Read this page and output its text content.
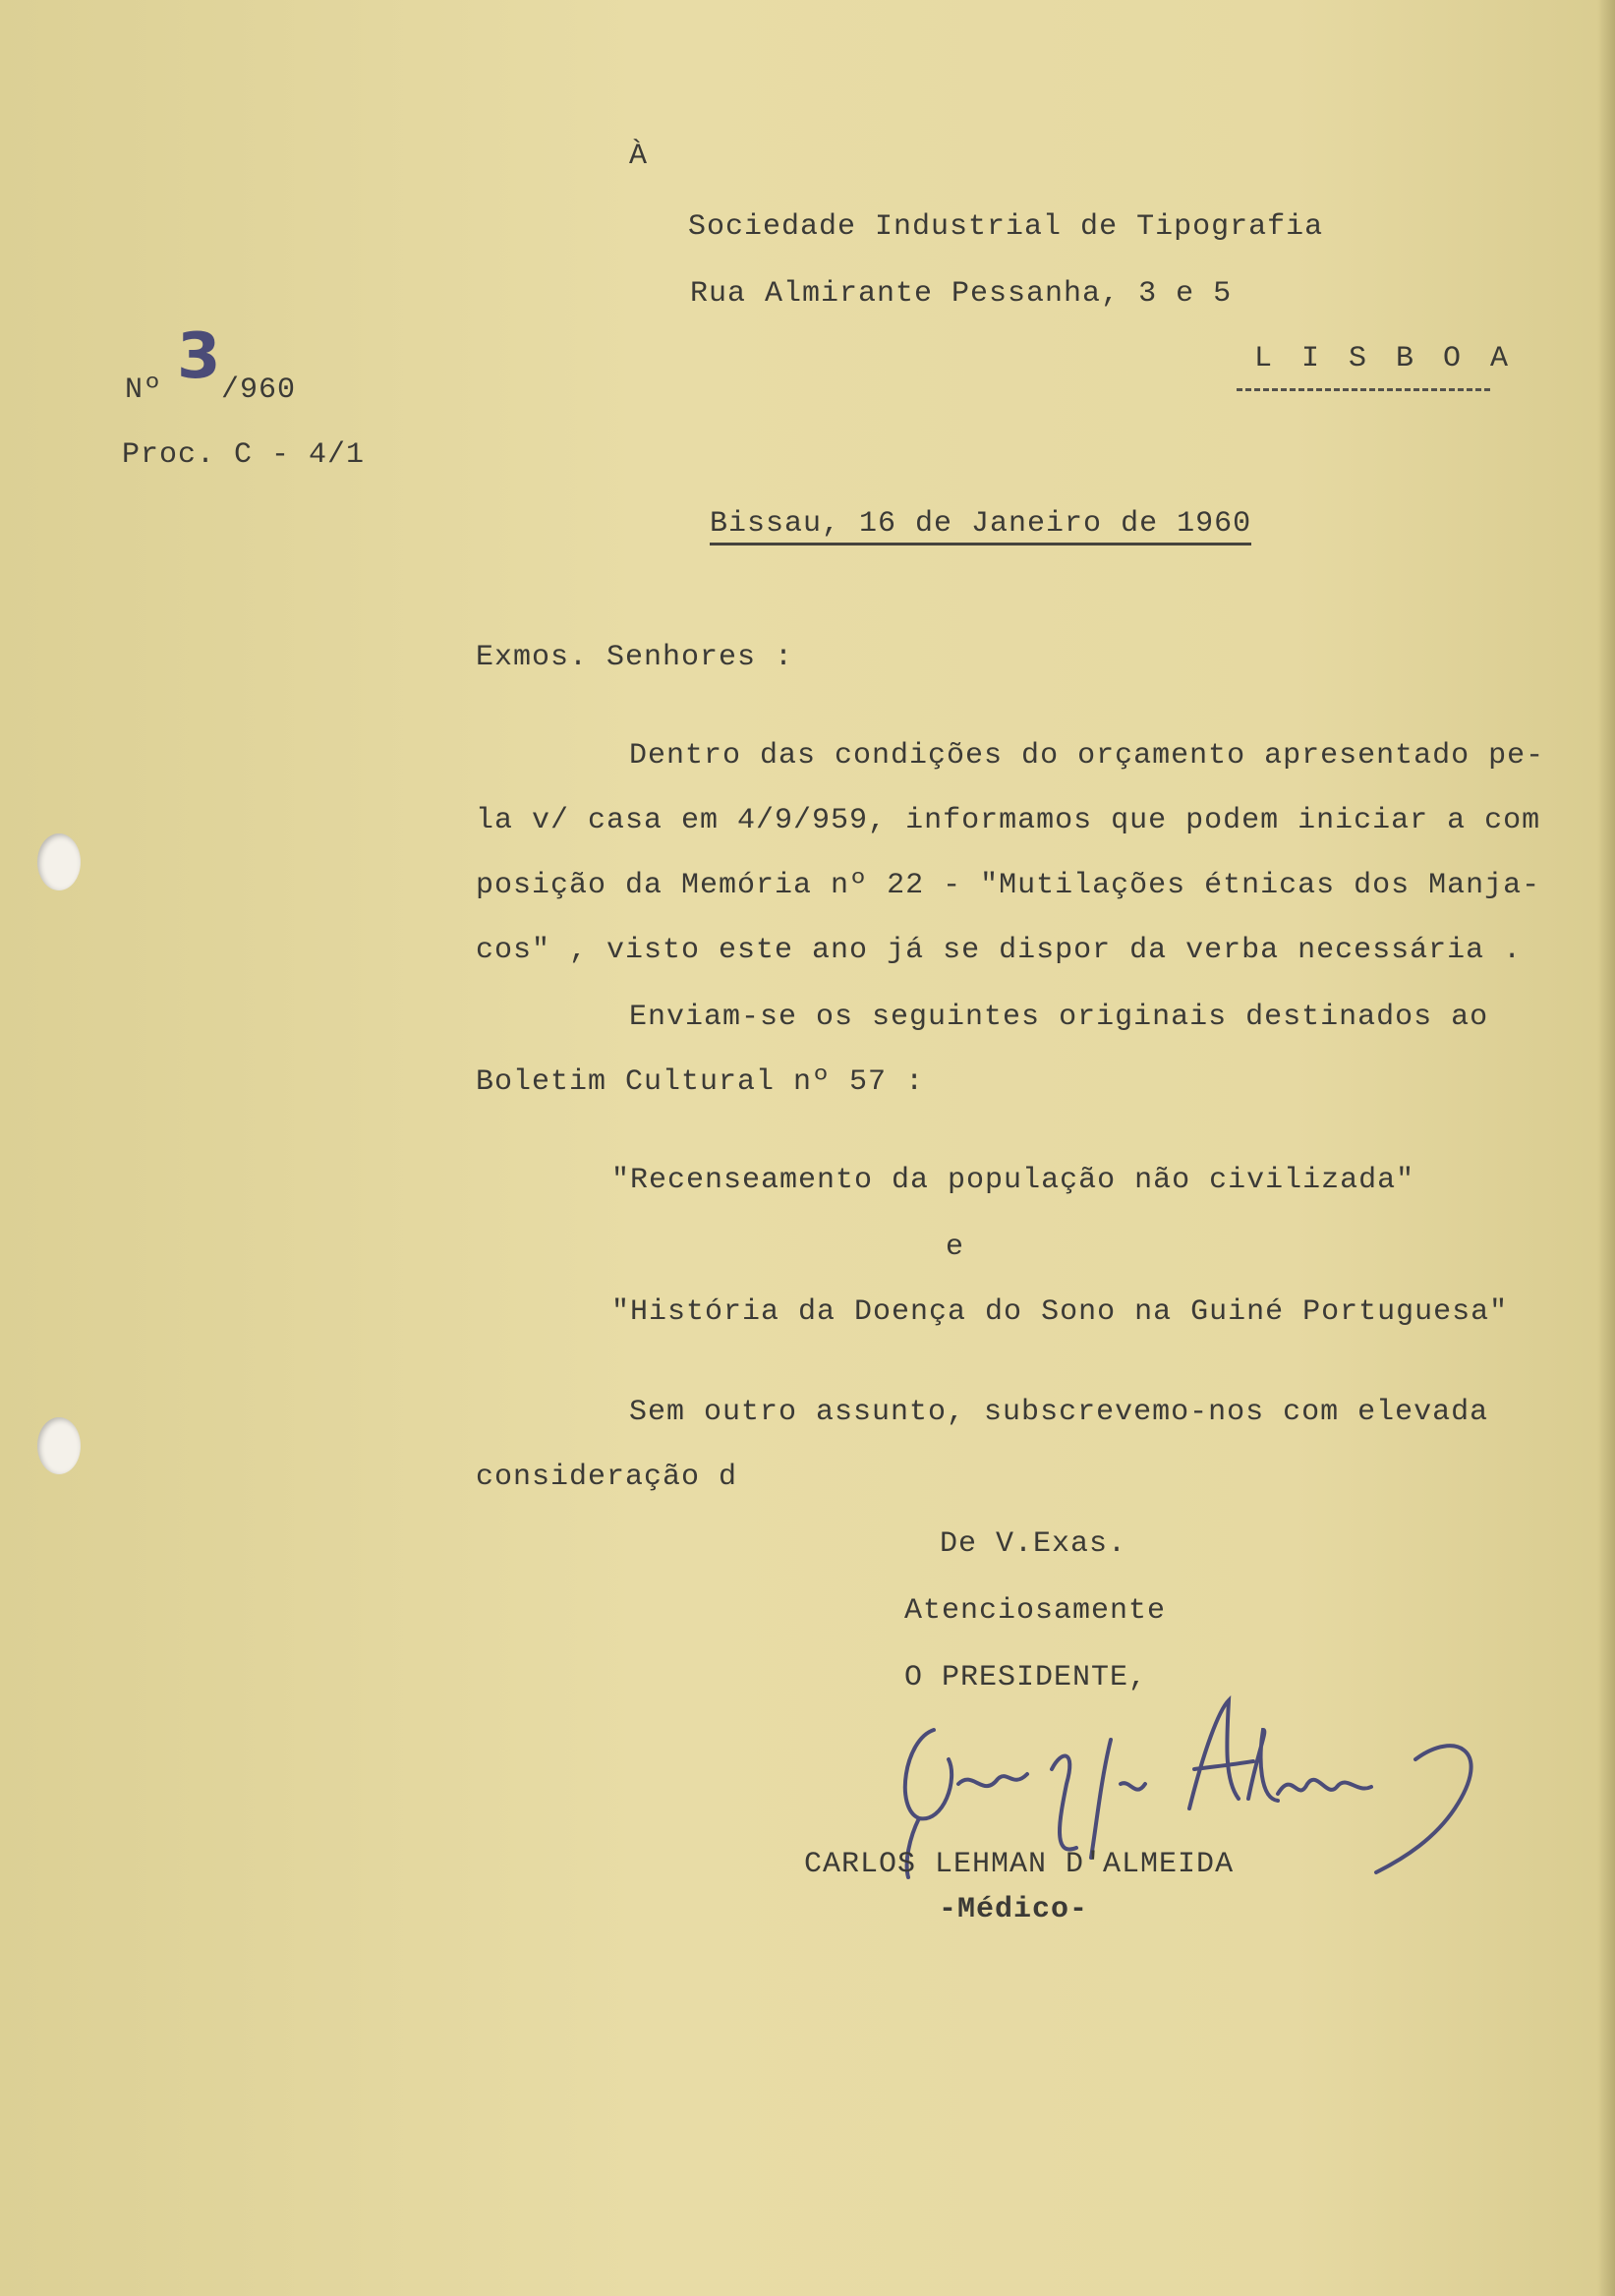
À
Sociedade Industrial de Tipografia
Rua Almirante Pessanha, 3 e 5
L I S B O A
Nº 3 /960
Proc. C - 4/1
Bissau, 16 de Janeiro de 1960
Exmos. Senhores :
Dentro das condições do orçamento apresentado pe-
la v/ casa em 4/9/959, informamos que podem iniciar a com
posição da Memória nº 22 - "Mutilações étnicas dos Manja-
cos" , visto este ano já se dispor da verba necessária .
Enviam-se os seguintes originais destinados ao
Boletim Cultural nº 57 :
"Recenseamento da população não civilizada"
e
"História da Doença do Sono na Guiné Portuguesa"
Sem outro assunto, subscrevemo-nos com elevada
consideração d
De V.Exas.
Atenciosamente
O PRESIDENTE,
CARLOS LEHMAN D'ALMEIDA
-Médico-
